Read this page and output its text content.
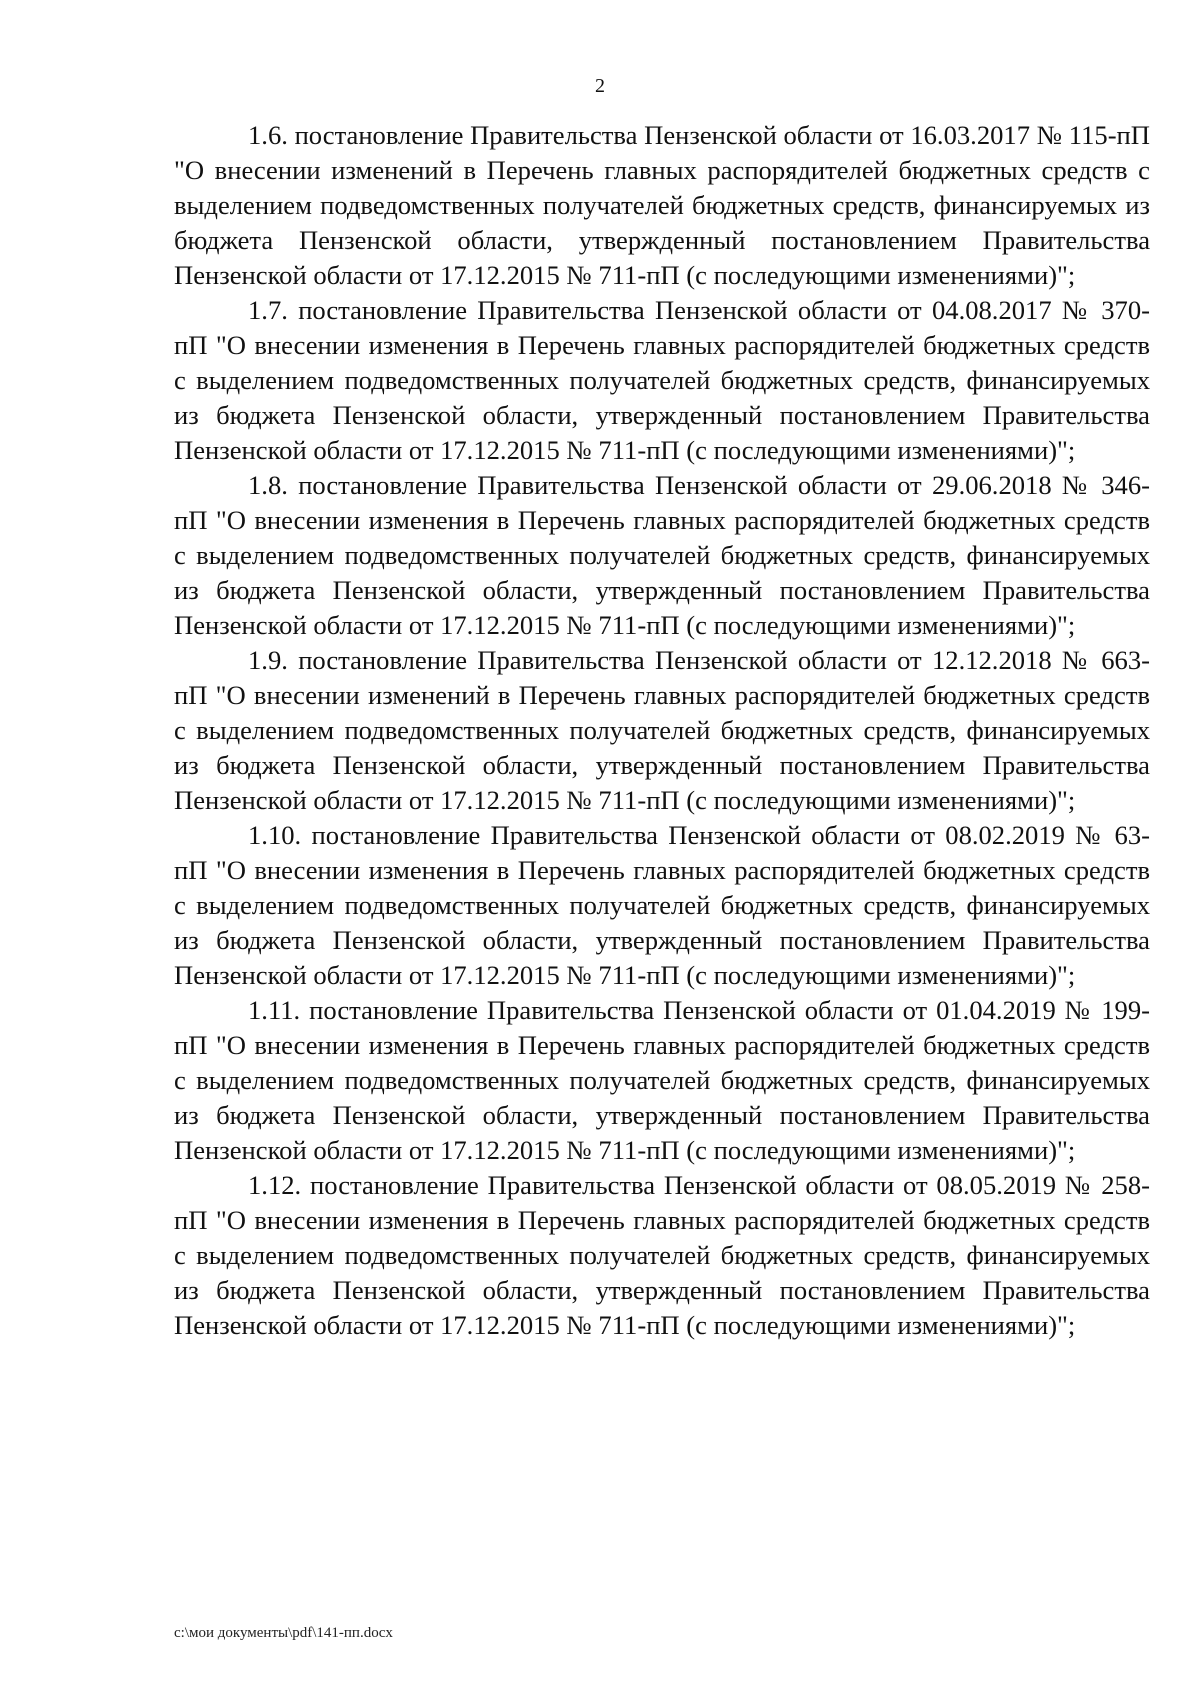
2

1.6. постановление Правительства Пензенской области от 16.03.2017 № 115-пП "О внесении изменений в Перечень главных распорядителей бюджетных средств с выделением подведомственных получателей бюджетных средств, финансируемых из бюджета Пензенской области, утвержденный постановлением Правительства Пензенской области от 17.12.2015 № 711-пП (с последующими изменениями)";

1.7. постановление Правительства Пензенской области от 04.08.2017 № 370-пП "О внесении изменения в Перечень главных распорядителей бюджетных средств с выделением подведомственных получателей бюджетных средств, финансируемых из бюджета Пензенской области, утвержденный постановлением Правительства Пензенской области от 17.12.2015 № 711-пП (с последующими изменениями)";

1.8. постановление Правительства Пензенской области от 29.06.2018 № 346-пП "О внесении изменения в Перечень главных распорядителей бюджетных средств с выделением подведомственных получателей бюджетных средств, финансируемых из бюджета Пензенской области, утвержденный постановлением Правительства Пензенской области от 17.12.2015 № 711-пП (с последующими изменениями)";

1.9. постановление Правительства Пензенской области от 12.12.2018 № 663-пП "О внесении изменений в Перечень главных распорядителей бюджетных средств с выделением подведомственных получателей бюджетных средств, финансируемых из бюджета Пензенской области, утвержденный постановлением Правительства Пензенской области от 17.12.2015 № 711-пП (с последующими изменениями)";

1.10. постановление Правительства Пензенской области от 08.02.2019 № 63-пП "О внесении изменения в Перечень главных распорядителей бюджетных средств с выделением подведомственных получателей бюджетных средств, финансируемых из бюджета Пензенской области, утвержденный постановлением Правительства Пензенской области от 17.12.2015 № 711-пП (с последующими изменениями)";

1.11. постановление Правительства Пензенской области от 01.04.2019 № 199-пП "О внесении изменения в Перечень главных распорядителей бюджетных средств с выделением подведомственных получателей бюджетных средств, финансируемых из бюджета Пензенской области, утвержденный постановлением Правительства Пензенской области от 17.12.2015 № 711-пП (с последующими изменениями)";

1.12. постановление Правительства Пензенской области от 08.05.2019 № 258-пП "О внесении изменения в Перечень главных распорядителей бюджетных средств с выделением подведомственных получателей бюджетных средств, финансируемых из бюджета Пензенской области, утвержденный постановлением Правительства Пензенской области от 17.12.2015 № 711-пП (с последующими изменениями)";

с:\мои документы\pdf\141-пп.docx
